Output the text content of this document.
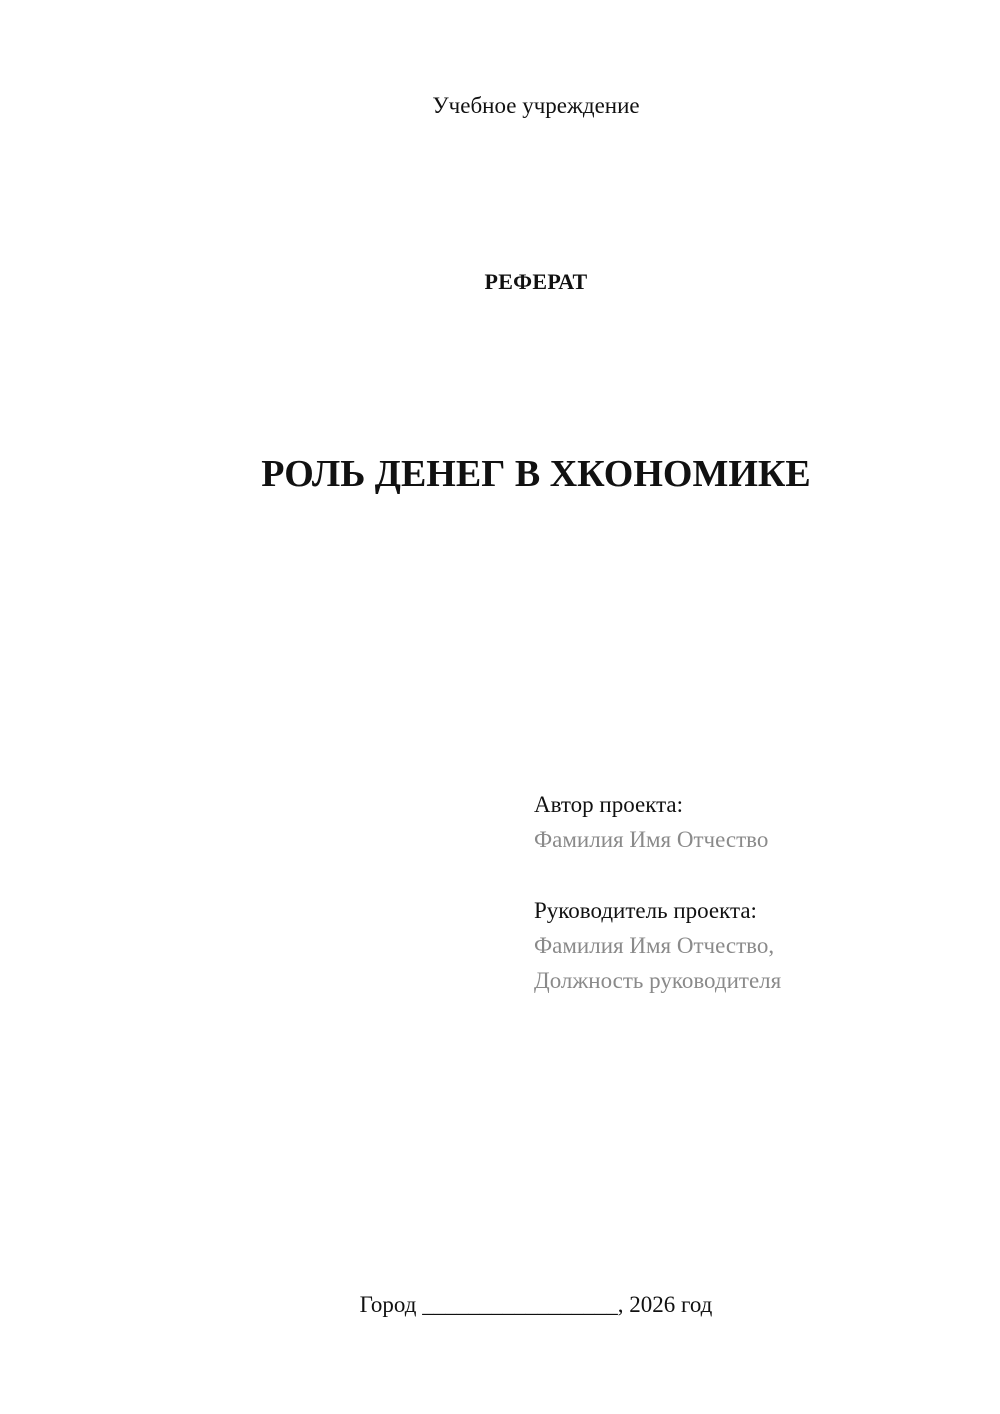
Учебное учреждение
РЕФЕРАТ
РОЛЬ ДЕНЕГ В ХКОНОМИКЕ
Автор проекта:
Фамилия Имя Отчество
Руководитель проекта:
Фамилия Имя Отчество,
Должность руководителя
Город _________________, 2026 год
